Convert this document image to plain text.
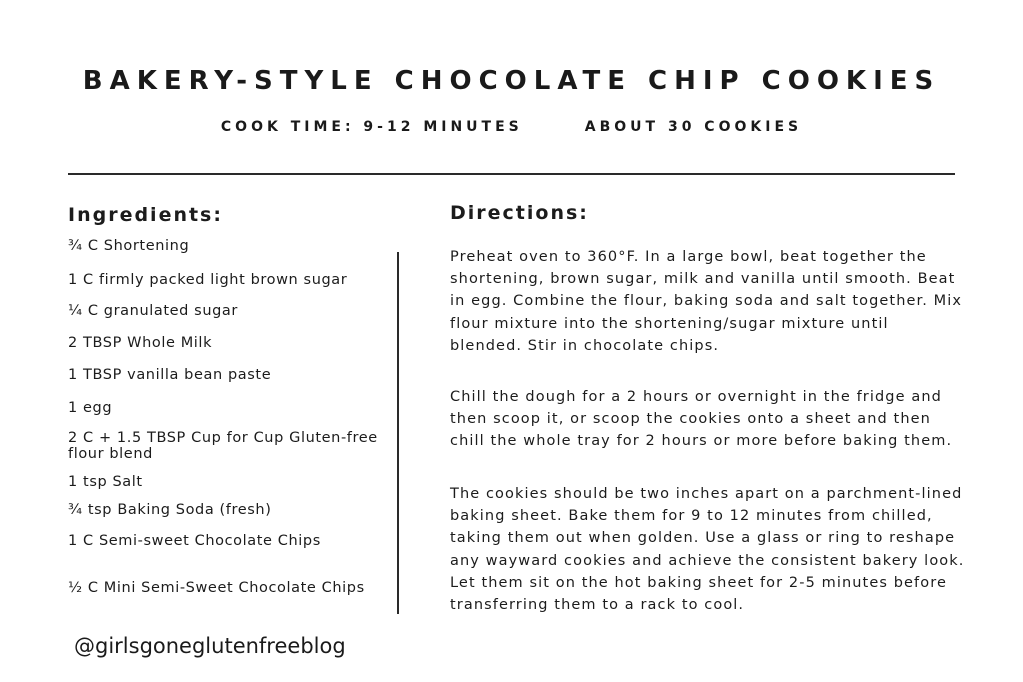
BAKERY-STYLE CHOCOLATE CHIP COOKIES
COOK TIME: 9-12 MINUTES	ABOUT 30 COOKIES
Ingredients:	Directions:
¾ C Shortening
1 C firmly packed light brown sugar
¼ C granulated sugar
2 TBSP Whole Milk
1 TBSP vanilla bean paste
1 egg
2 C + 1.5 TBSP Cup for Cup Gluten-free flour blend
1 tsp Salt
¾ tsp Baking Soda (fresh)
1 C Semi-sweet Chocolate Chips
½ C Mini Semi-Sweet Chocolate Chips

Preheat oven to 360°F. In a large bowl, beat together the shortening, brown sugar, milk and vanilla until smooth. Beat in egg. Combine the flour, baking soda and salt together. Mix flour mixture into the shortening/sugar mixture until blended. Stir in chocolate chips.

Chill the dough for a 2 hours or overnight in the fridge and then scoop it, or scoop the cookies onto a sheet and then chill the whole tray for 2 hours or more before baking them.

The cookies should be two inches apart on a parchment-lined baking sheet. Bake them for 9 to 12 minutes from chilled, taking them out when golden. Use a glass or ring to reshape any wayward cookies and achieve the consistent bakery look. Let them sit on the hot baking sheet for 2-5 minutes before transferring them to a rack to cool.

@girlsgoneglutenfreeblog
